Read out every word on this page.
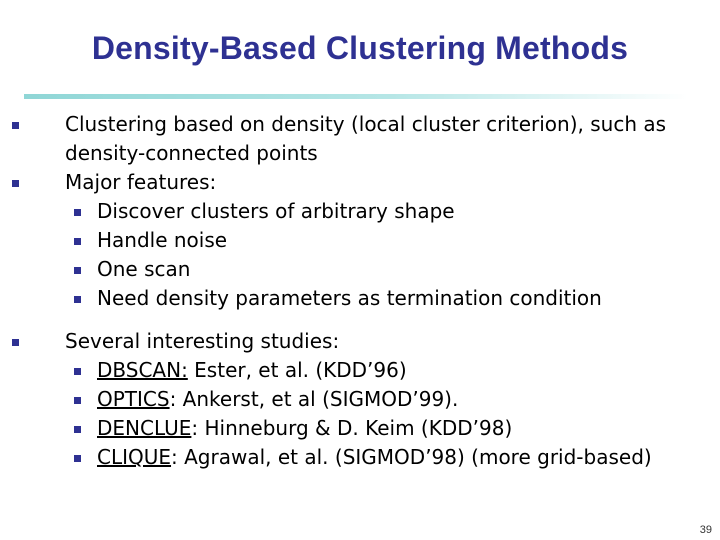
Density-Based Clustering Methods
Clustering based on density (local cluster criterion), such as
density-connected points
Major features:
Discover clusters of arbitrary shape
Handle noise
One scan
Need density parameters as termination condition
Several interesting studies:
DBSCAN: Ester, et al. (KDD’96)
OPTICS: Ankerst, et al (SIGMOD’99).
DENCLUE: Hinneburg & D. Keim (KDD’98)
CLIQUE: Agrawal, et al. (SIGMOD’98) (more grid-based)
39
